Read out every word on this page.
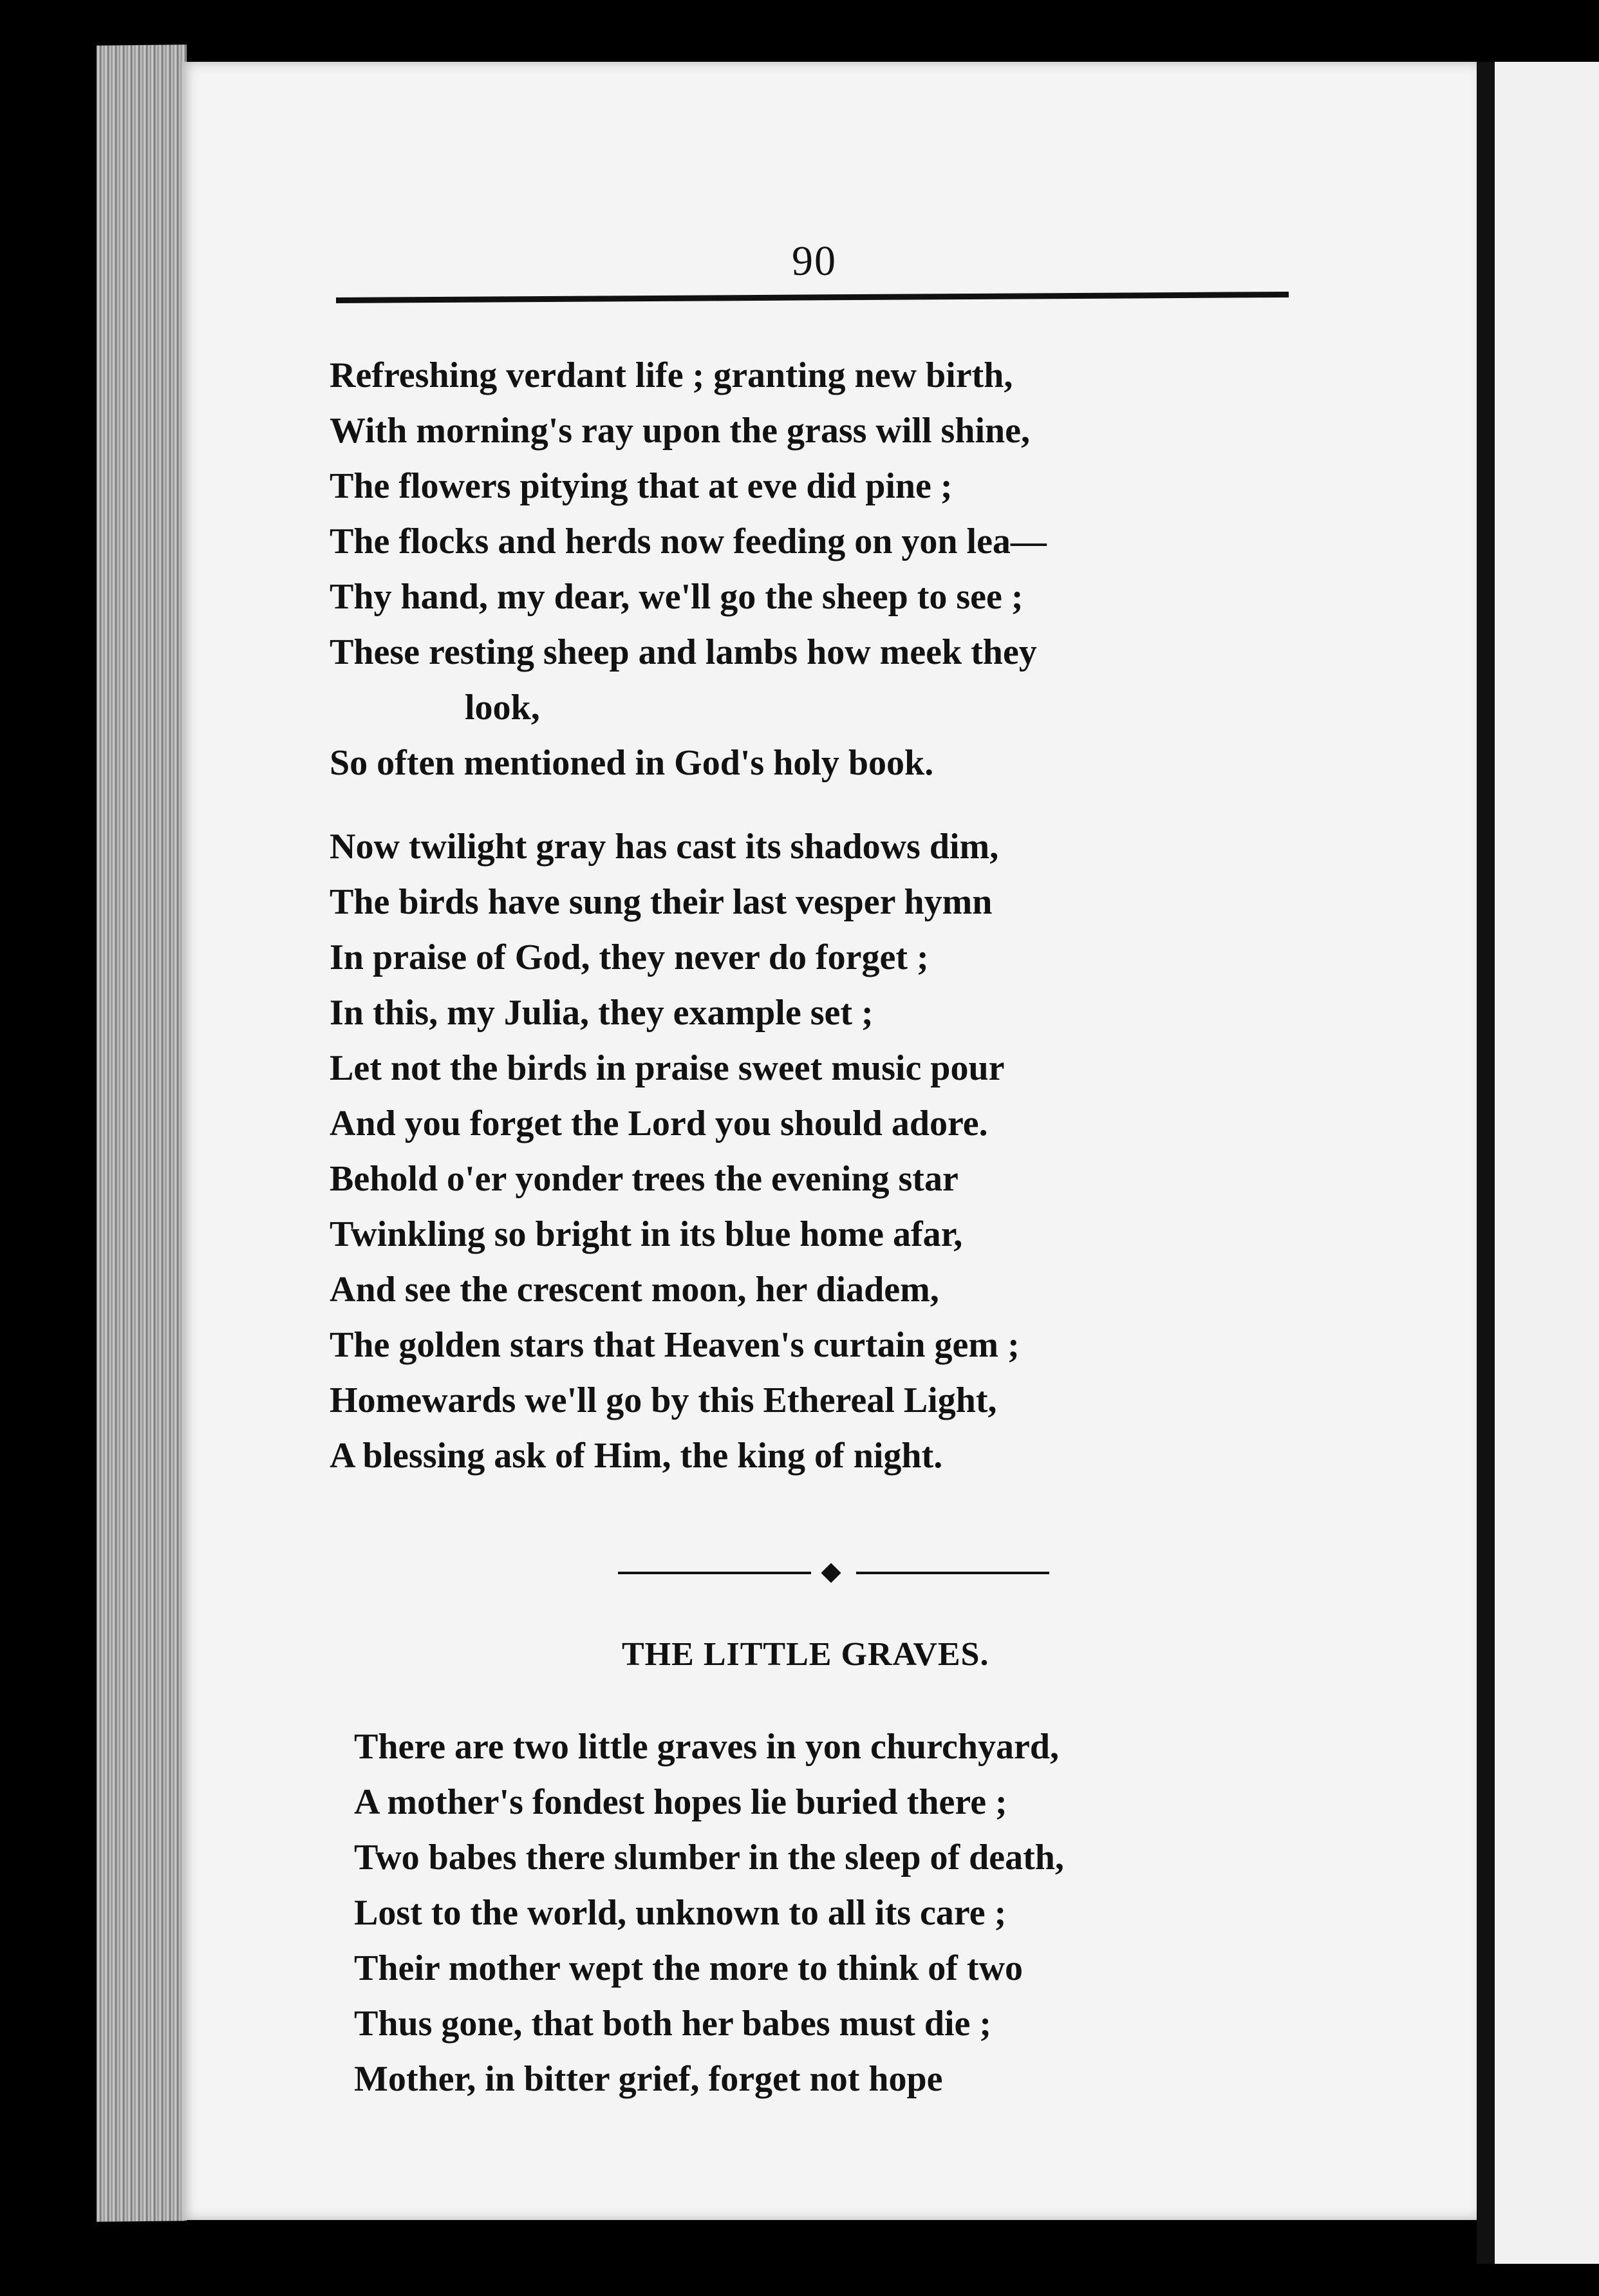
90
Refreshing verdant life ; granting new birth,
With morning's ray upon the grass will shine,
The flowers pitying that at eve did pine ;
The flocks and herds now feeding on yon lea—
Thy hand, my dear, we'll go the sheep to see ;
These resting sheep and lambs how meek they
look,
So often mentioned in God's holy book.
Now twilight gray has cast its shadows dim,
The birds have sung their last vesper hymn
In praise of God, they never do forget ;
In this, my Julia, they example set ;
Let not the birds in praise sweet music pour
And you forget the Lord you should adore.
Behold o'er yonder trees the evening star
Twinkling so bright in its blue home afar,
And see the crescent moon, her diadem,
The golden stars that Heaven's curtain gem ;
Homewards we'll go by this Ethereal Light,
A blessing ask of Him, the king of night.
THE LITTLE GRAVES.
There are two little graves in yon churchyard,
A mother's fondest hopes lie buried there ;
Two babes there slumber in the sleep of death,
Lost to the world, unknown to all its care ;
Their mother wept the more to think of two
Thus gone, that both her babes must die ;
Mother, in bitter grief, forget not hope
